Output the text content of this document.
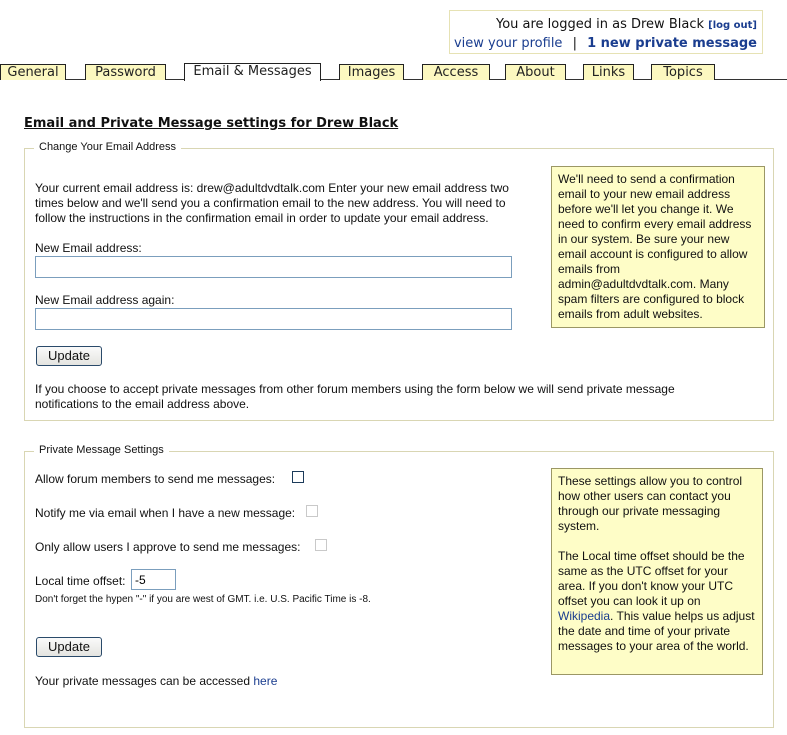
You are logged in as Drew Black [log out]
view your profile | 1 new private message
General	Password	Email & Messages	Images	Access	About	Links	Topics
Email and Private Message settings for Drew Black
Change Your Email Address
Your current email address is: drew@adultdvdtalk.com Enter your new email address two times below and we'll send you a confirmation email to the new address. You will need to follow the instructions in the confirmation email in order to update your email address.
New Email address:
New Email address again:
Update
If you choose to accept private messages from other forum members using the form below we will send private message notifications to the email address above.
We'll need to send a confirmation email to your new email address before we'll let you change it. We need to confirm every email address in our system. Be sure your new email account is configured to allow emails from admin@adultdvdtalk.com. Many spam filters are configured to block emails from adult websites.
Private Message Settings
Allow forum members to send me messages:
Notify me via email when I have a new message:
Only allow users I approve to send me messages:
Local time offset:
-5
Don't forget the hypen "-" if you are west of GMT. i.e. U.S. Pacific Time is -8.
Update
Your private messages can be accessed here
These settings allow you to control how other users can contact you through our private messaging system.
The Local time offset should be the same as the UTC offset for your area. If you don't know your UTC offset you can look it up on Wikipedia. This value helps us adjust the date and time of your private messages to your area of the world.
